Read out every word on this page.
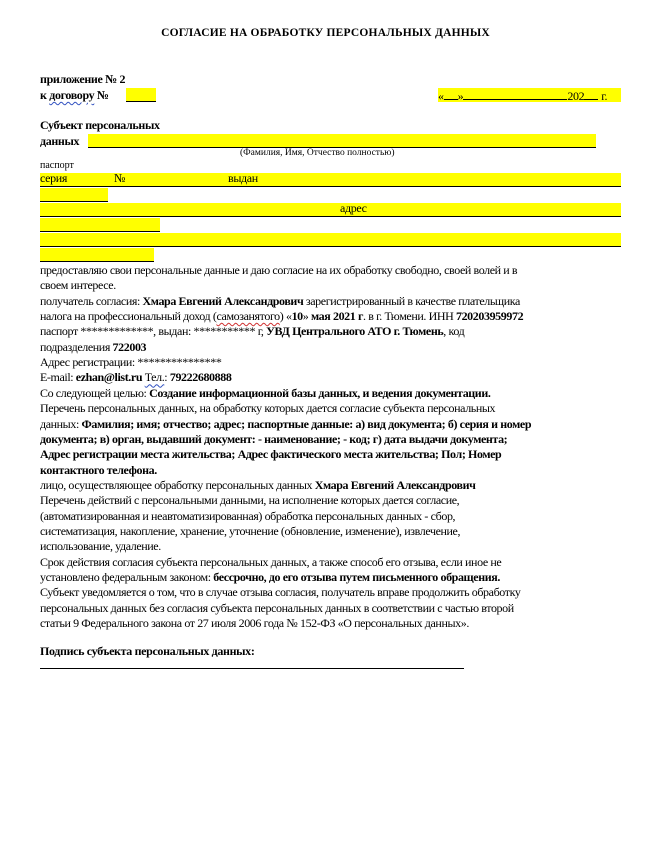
СОГЛАСИЕ НА ОБРАБОТКУ ПЕРСОНАЛЬНЫХ ДАННЫХ
приложение № 2
к договору №	« »	202 г.
Субъект персональных
данных
(Фамилия, Имя, Отчество полностью)
паспорт
серия	№	выдан
адрес
предоставляю свои персональные данные и даю согласие на их обработку свободно, своей волей и в
своем интересе.
получатель согласия: Хмара Евгений Александрович зарегистрированный в качестве плательщика
налога на профессиональный доход (самозанятого) «10» мая 2021 г. в г. Тюмени. ИНН 720203959972
паспорт *************, выдан: *********** г, УВД Центрального АТО г. Тюмень, код
подразделения 722003
Адрес регистрации: ***************
E-mail: ezhan@list.ru Тел.: 79222680888
Со следующей целью: Создание информационной базы данных, и ведения документации.
Перечень персональных данных, на обработку которых дается согласие субъекта персональных
данных: Фамилия; имя; отчество; адрес; паспортные данные: а) вид документа; б) серия и номер
документа; в) орган, выдавший документ: - наименование; - код; г) дата выдачи документа;
Адрес регистрации места жительства; Адрес фактического места жительства; Пол; Номер
контактного телефона.
лицо, осуществляющее обработку персональных данных Хмара Евгений Александрович
Перечень действий с персональными данными, на исполнение которых дается согласие,
(автоматизированная и неавтоматизированная) обработка персональных данных - сбор,
систематизация, накопление, хранение, уточнение (обновление, изменение), извлечение,
использование, удаление.
Срок действия согласия субъекта персональных данных, а также способ его отзыва, если иное не
установлено федеральным законом: бессрочно, до его отзыва путем письменного обращения.
Субъект уведомляется о том, что в случае отзыва согласия, получатель вправе продолжить обработку
персональных данных без согласия субъекта персональных данных в соответствии с частью второй
статьи 9 Федерального закона от 27 июля 2006 года № 152-ФЗ «О персональных данных».
Подпись субъекта персональных данных:
